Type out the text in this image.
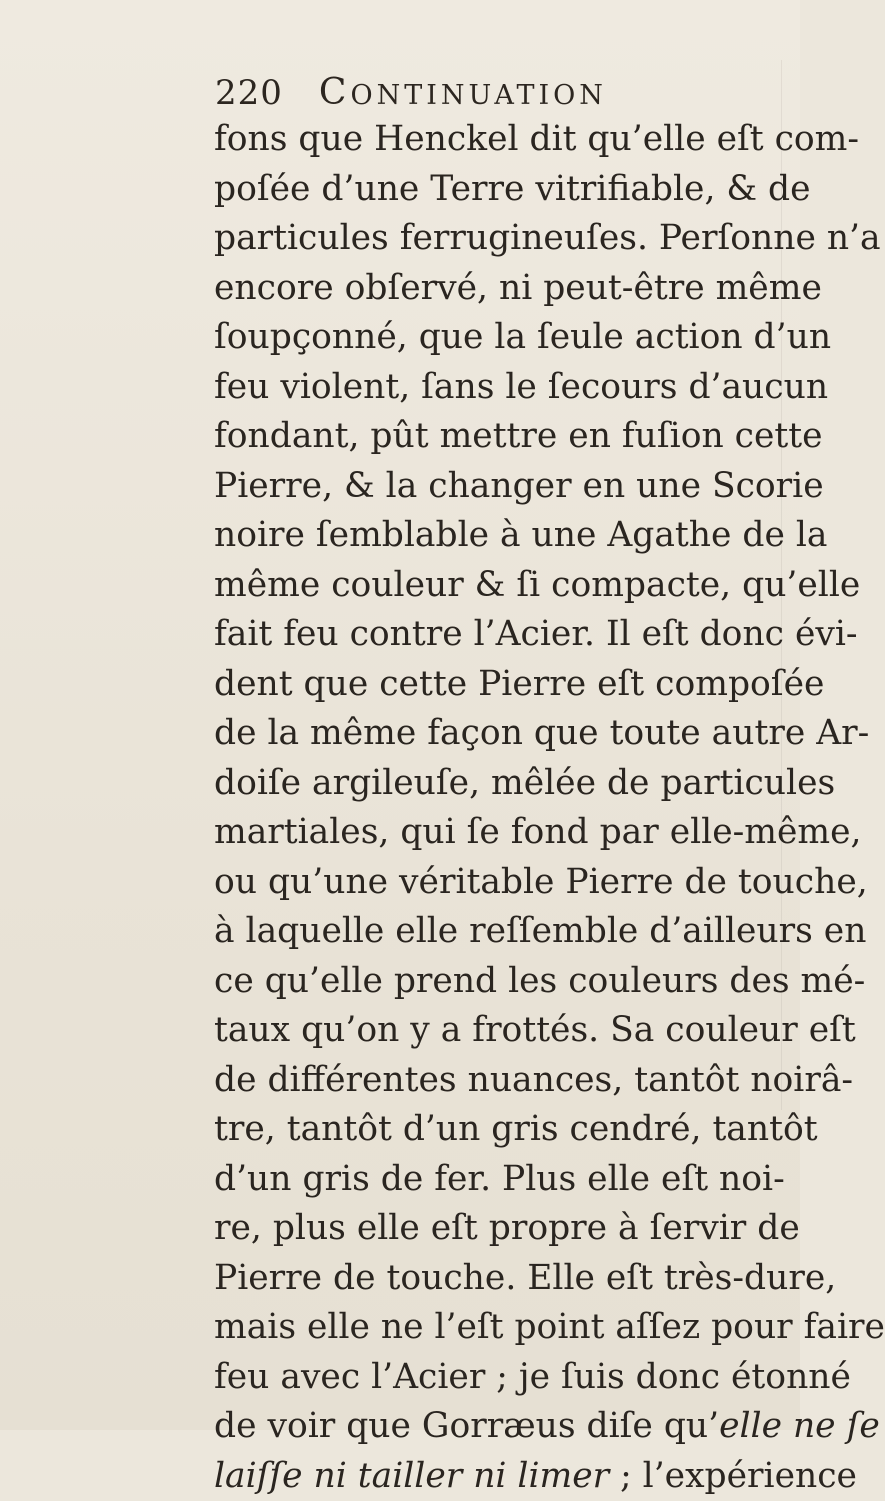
220 CONTINUATION
fons que Henckel dit qu’elle eſt com-
poſée d’une Terre vitrifiable, & de
particules ferrugineuſes. Perſonne n’a
encore obſervé, ni peut-être même
ſoupçonné, que la ſeule action d’un
feu violent, ſans le ſecours d’aucun
fondant, pût mettre en fuſion cette
Pierre, & la changer en une Scorie
noire ſemblable à une Agathe de la
même couleur & ſi compacte, qu’elle
fait feu contre l’Acier. Il eſt donc évi-
dent que cette Pierre eſt compoſée
de la même façon que toute autre Ar-
doiſe argileuſe, mêlée de particules
martiales, qui ſe fond par elle-même,
ou qu’une véritable Pierre de touche,
à laquelle elle reſſemble d’ailleurs en
ce qu’elle prend les couleurs des mé-
taux qu’on y a frottés. Sa couleur eſt
de différentes nuances, tantôt noirâ-
tre, tantôt d’un gris cendré, tantôt
d’un gris de fer. Plus elle eſt noi-
re, plus elle eſt propre à ſervir de
Pierre de touche. Elle eſt très-dure,
mais elle ne l’eſt point aſſez pour faire
feu avec l’Acier ; je ſuis donc étonné
de voir que Gorræus diſe qu’elle ne ſe
laiſſe ni tailler ni limer ; l’expérience
